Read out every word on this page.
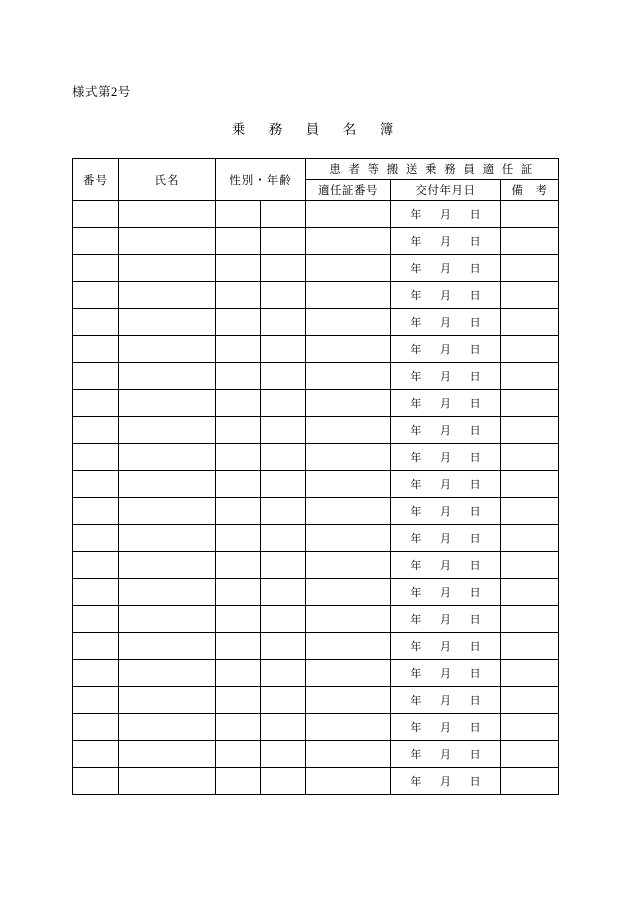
様式第2号
乗　務　員　名　簿
番号	氏名	性別・年齢		患 者 等 搬 送 乗 務 員 適 任 証		
				適任証番号	交付年月日	備　考

					年 月 日	

					年 月 日	

					年 月 日	

					年 月 日	

					年 月 日	

					年 月 日	

					年 月 日	

					年 月 日	

					年 月 日	

					年 月 日	

					年 月 日	

					年 月 日	

					年 月 日	

					年 月 日	

					年 月 日	

					年 月 日	

					年 月 日	

					年 月 日	

					年 月 日	

					年 月 日	

					年 月 日	

					年 月 日	
